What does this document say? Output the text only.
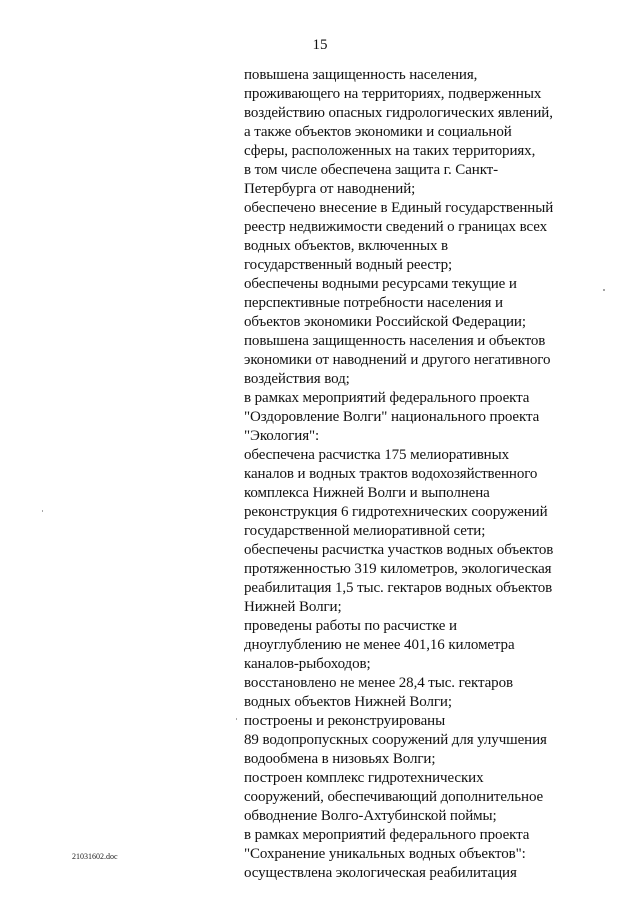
15
повышена защищенность населения,
проживающего на территориях, подверженных
воздействию опасных гидрологических явлений,
а также объектов экономики и социальной
сферы, расположенных на таких территориях,
в том числе обеспечена защита г. Санкт-
Петербурга от наводнений;
обеспечено внесение в Единый государственный
реестр недвижимости сведений о границах всех
водных объектов, включенных в
государственный водный реестр;
обеспечены водными ресурсами текущие и
перспективные потребности населения и
объектов экономики Российской Федерации;
повышена защищенность населения и объектов
экономики от наводнений и другого негативного
воздействия вод;
в рамках мероприятий федерального проекта
"Оздоровление Волги" национального проекта
"Экология":
обеспечена расчистка 175 мелиоративных
каналов и водных трактов водохозяйственного
комплекса Нижней Волги и выполнена
реконструкция 6 гидротехнических сооружений
государственной мелиоративной сети;
обеспечены расчистка участков водных объектов
протяженностью 319 километров, экологическая
реабилитация 1,5 тыс. гектаров водных объектов
Нижней Волги;
проведены работы по расчистке и
дноуглублению не менее 401,16 километра
каналов-рыбоходов;
восстановлено не менее 28,4 тыс. гектаров
водных объектов Нижней Волги;
построены и реконструированы
89 водопропускных сооружений для улучшения
водообмена в низовьях Волги;
построен комплекс гидротехнических
сооружений, обеспечивающий дополнительное
обводнение Волго-Ахтубинской поймы;
в рамках мероприятий федерального проекта
"Сохранение уникальных водных объектов":
осуществлена экологическая реабилитация
21031602.doc
